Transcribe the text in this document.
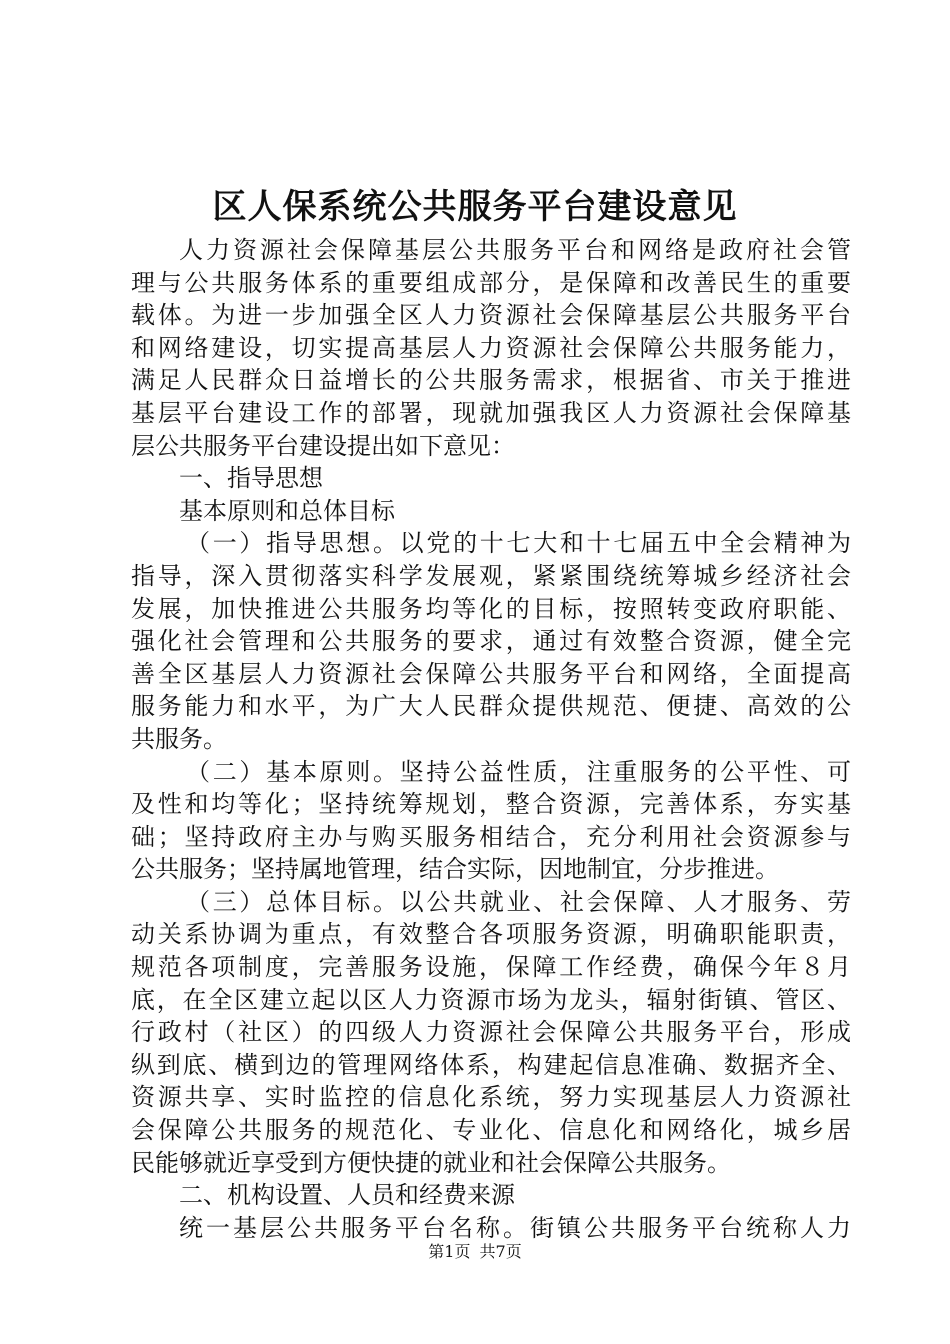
区人保系统公共服务平台建设意见
人力资源社会保障基层公共服务平台和网络是政府社会管
理与公共服务体系的重要组成部分，是保障和改善民生的重要
载体。为进一步加强全区人力资源社会保障基层公共服务平台
和网络建设，切实提高基层人力资源社会保障公共服务能力，
满足人民群众日益增长的公共服务需求，根据省、市关于推进
基层平台建设工作的部署，现就加强我区人力资源社会保障基
层公共服务平台建设提出如下意见：
一、指导思想
基本原则和总体目标
（一）指导思想。以党的十七大和十七届五中全会精神为
指导，深入贯彻落实科学发展观，紧紧围绕统筹城乡经济社会
发展，加快推进公共服务均等化的目标，按照转变政府职能、
强化社会管理和公共服务的要求，通过有效整合资源，健全完
善全区基层人力资源社会保障公共服务平台和网络，全面提高
服务能力和水平，为广大人民群众提供规范、便捷、高效的公
共服务。
（二）基本原则。坚持公益性质，注重服务的公平性、可
及性和均等化；坚持统筹规划，整合资源，完善体系，夯实基
础；坚持政府主办与购买服务相结合，充分利用社会资源参与
公共服务；坚持属地管理，结合实际，因地制宜，分步推进。
（三）总体目标。以公共就业、社会保障、人才服务、劳
动关系协调为重点，有效整合各项服务资源，明确职能职责，
规范各项制度，完善服务设施，保障工作经费，确保今年８月
底，在全区建立起以区人力资源市场为龙头，辐射街镇、管区、
行政村（社区）的四级人力资源社会保障公共服务平台，形成
纵到底、横到边的管理网络体系，构建起信息准确、数据齐全、
资源共享、实时监控的信息化系统，努力实现基层人力资源社
会保障公共服务的规范化、专业化、信息化和网络化，城乡居
民能够就近享受到方便快捷的就业和社会保障公共服务。
二、机构设置、人员和经费来源
统一基层公共服务平台名称。街镇公共服务平台统称人力
第1页 共7页
